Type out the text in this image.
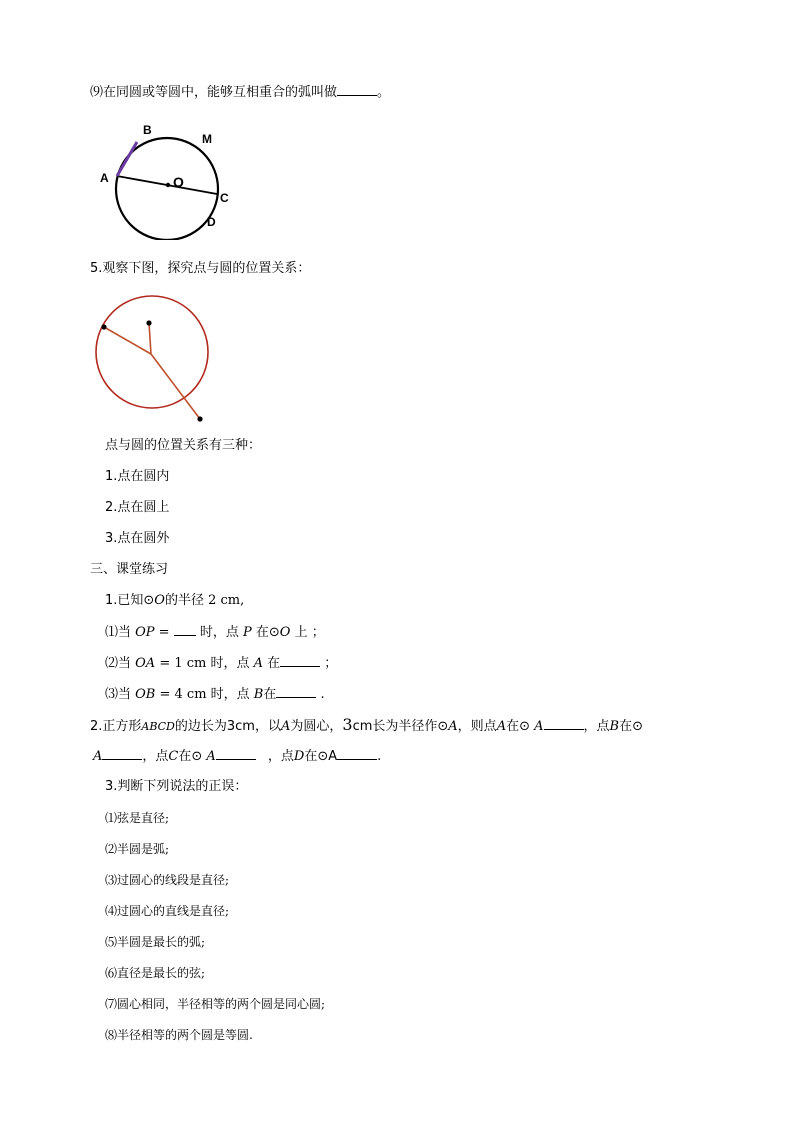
⑼在同圆或等圆中，能够互相重合的弧叫做	。
A
B
M
O
C
D
5.观察下图，探究点与圆的位置关系：
点与圆的位置关系有三种：
1.点在圆内
2.点在圆上
3.点在圆外
三、课堂练习
1.已知⊙O的半径 2 cm,
⑴当 OP =  时，点 P 在⊙O 上 ；
⑵当 OA = 1 cm 时，点 A 在	；
⑶当 OB = 4 cm 时，点 B在	.
2.正方形ABCD的边长为3cm，以A为圆心，3cm长为半径作⊙A，则点A在⊙ A	，点B在⊙
A	，点C在⊙ A	，点D在⊙A	.
3.判断下列说法的正误：
⑴弦是直径;
⑵半圆是弧;
⑶过圆心的线段是直径;
⑷过圆心的直线是直径;
⑸半圆是最长的弧;
⑹直径是最长的弦;
⑺圆心相同，半径相等的两个圆是同心圆;
⑻半径相等的两个圆是等圆.
